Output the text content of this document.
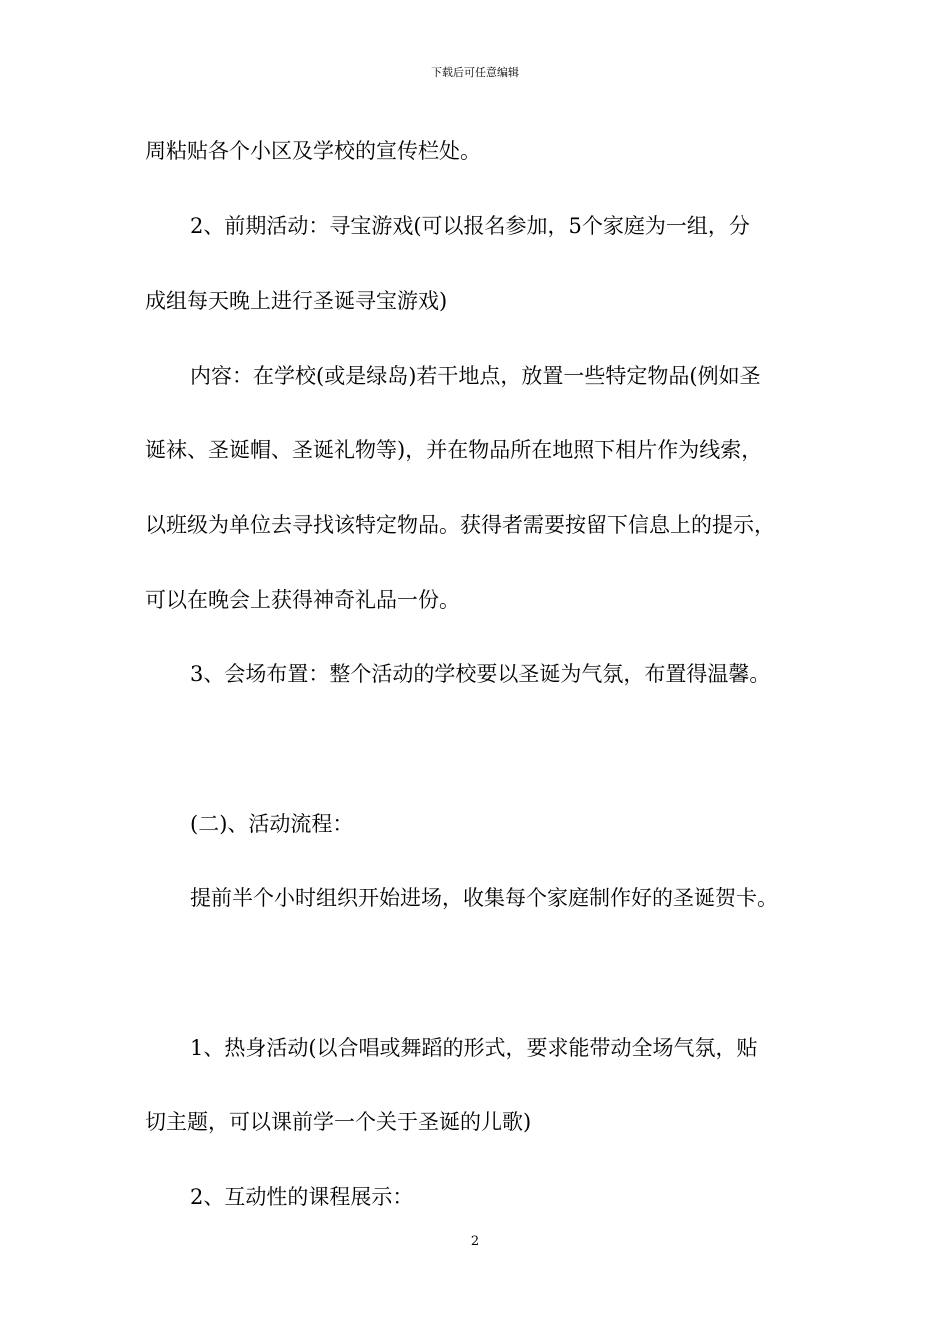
下载后可任意编辑
周粘贴各个小区及学校的宣传栏处。
2、前期活动：寻宝游戏(可以报名参加，5个家庭为一组，分
成组每天晚上进行圣诞寻宝游戏)
内容：在学校(或是绿岛)若干地点，放置一些特定物品(例如圣
诞袜、圣诞帽、圣诞礼物等)，并在物品所在地照下相片作为线索，
以班级为单位去寻找该特定物品。获得者需要按留下信息上的提示，
可以在晚会上获得神奇礼品一份。
3、会场布置：整个活动的学校要以圣诞为气氛，布置得温馨。
(二)、活动流程：
提前半个小时组织开始进场，收集每个家庭制作好的圣诞贺卡。
1、热身活动(以合唱或舞蹈的形式，要求能带动全场气氛，贴
切主题，可以课前学一个关于圣诞的儿歌)
2、互动性的课程展示：
2
